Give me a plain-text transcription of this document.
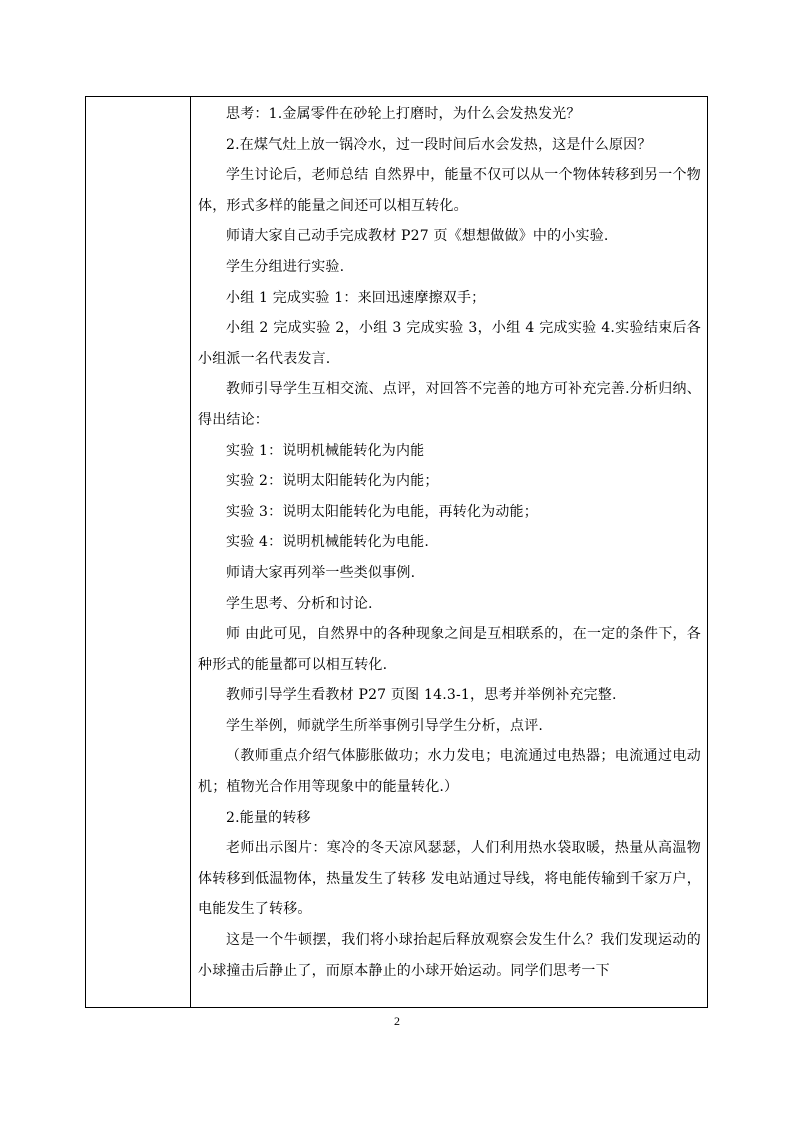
思考：1.金属零件在砂轮上打磨时，为什么会发热发光？

2.在煤气灶上放一锅冷水，过一段时间后水会发热，这是什么原因？

学生讨论后，老师总结 自然界中，能量不仅可以从一个物体转移到另一个物体，形式多样的能量之间还可以相互转化。

师请大家自己动手完成教材 P27 页《想想做做》中的小实验.

学生分组进行实验.

小组 1 完成实验 1：来回迅速摩擦双手；

小组 2 完成实验 2，小组 3 完成实验 3，小组 4 完成实验 4.实验结束后各小组派一名代表发言.

教师引导学生互相交流、点评，对回答不完善的地方可补充完善.分析归纳、得出结论：

实验 1：说明机械能转化为内能

实验 2：说明太阳能转化为内能；

实验 3：说明太阳能转化为电能，再转化为动能；

实验 4：说明机械能转化为电能.

师请大家再列举一些类似事例.

学生思考、分析和讨论.

师 由此可见，自然界中的各种现象之间是互相联系的，在一定的条件下，各种形式的能量都可以相互转化.

教师引导学生看教材 P27 页图 14.3-1，思考并举例补充完整.

学生举例，师就学生所举事例引导学生分析，点评.

（教师重点介绍气体膨胀做功；水力发电；电流通过电热器；电流通过电动机；植物光合作用等现象中的能量转化.）

2.能量的转移

老师出示图片：寒冷的冬天凉风瑟瑟，人们利用热水袋取暖，热量从高温物体转移到低温物体，热量发生了转移 发电站通过导线，将电能传输到千家万户，电能发生了转移。

这是一个牛顿摆，我们将小球抬起后释放观察会发生什么？我们发现运动的小球撞击后静止了，而原本静止的小球开始运动。同学们思考一下

2
